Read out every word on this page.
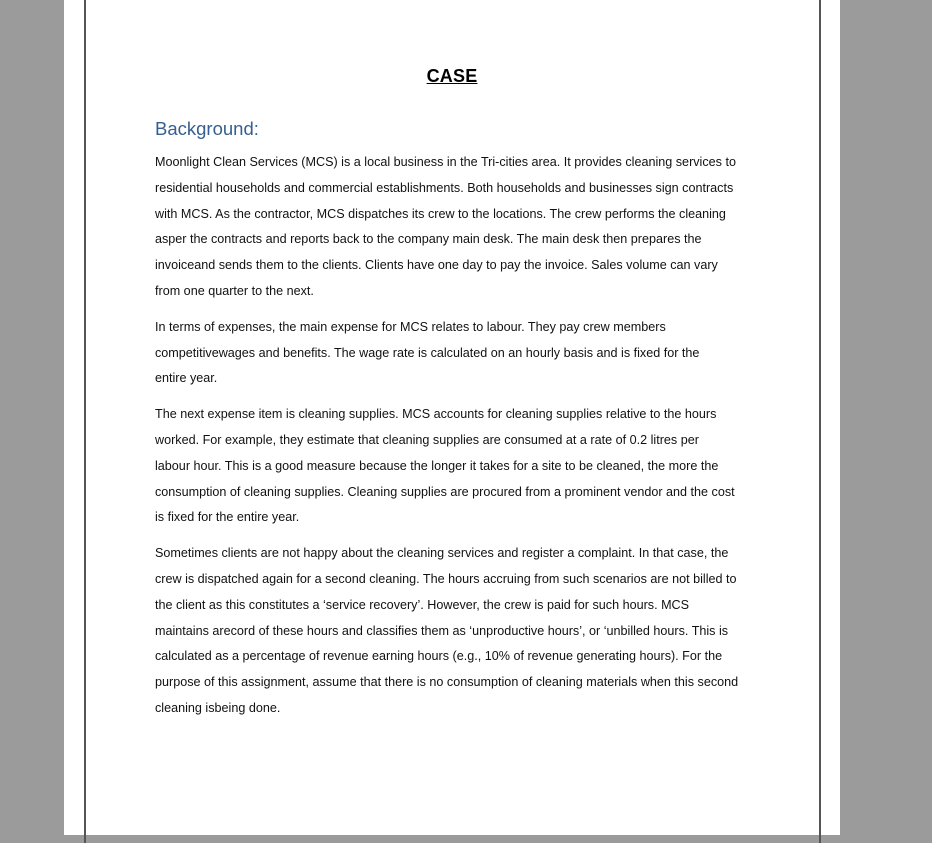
CASE
Background:

Moonlight Clean Services (MCS) is a local business in the Tri-cities area. It provides cleaning services to
residential households and commercial establishments. Both households and businesses sign contracts
with MCS. As the contractor, MCS dispatches its crew to the locations. The crew performs the cleaning
asper the contracts and reports back to the company main desk. The main desk then prepares the
invoiceand sends them to the clients. Clients have one day to pay the invoice. Sales volume can vary
from one quarter to the next.

In terms of expenses, the main expense for MCS relates to labour. They pay crew members
competitivewages and benefits. The wage rate is calculated on an hourly basis and is fixed for the
entire year.

The next expense item is cleaning supplies. MCS accounts for cleaning supplies relative to the hours
worked. For example, they estimate that cleaning supplies are consumed at a rate of 0.2 litres per
labour hour. This is a good measure because the longer it takes for a site to be cleaned, the more the
consumption of cleaning supplies. Cleaning supplies are procured from a prominent vendor and the cost
is fixed for the entire year.

Sometimes clients are not happy about the cleaning services and register a complaint. In that case, the
crew is dispatched again for a second cleaning. The hours accruing from such scenarios are not billed to
the client as this constitutes a ‘service recovery’. However, the crew is paid for such hours. MCS
maintains arecord of these hours and classifies them as ‘unproductive hours’, or ‘unbilled hours. This is
calculated as a percentage of revenue earning hours (e.g., 10% of revenue generating hours). For the
purpose of this assignment, assume that there is no consumption of cleaning materials when this second
cleaning isbeing done.
